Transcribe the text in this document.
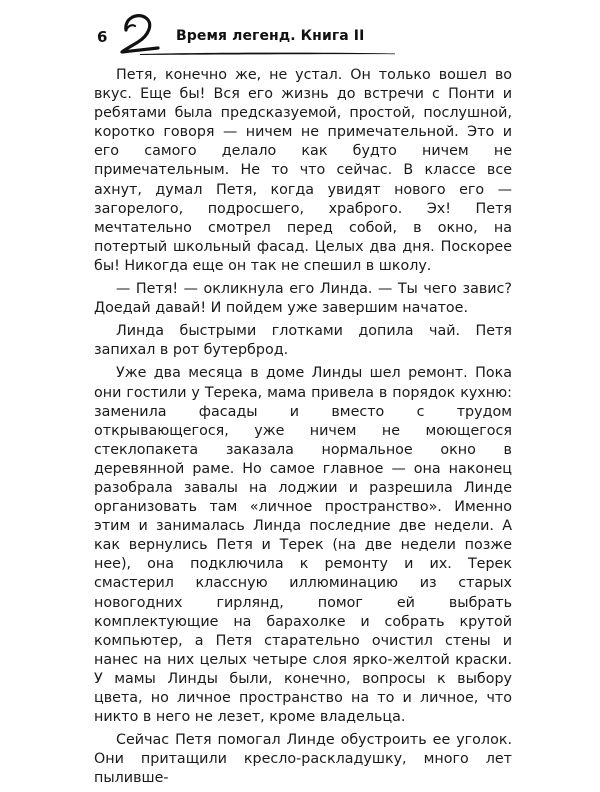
6	Время легенд. Книга II

Петя, конечно же, не устал. Он только вошел во вкус. Еще бы! Вся его жизнь до встречи с Понти и ребятами была предсказуемой, простой, послушной, коротко говоря — ничем не примечательной. Это и его самого делало как будто ничем не примечательным. Не то что сейчас. В классе все ахнут, думал Петя, когда увидят нового его — загорелого, подросшего, храброго. Эх! Петя мечтательно смотрел перед собой, в окно, на потертый школьный фасад. Целых два дня. Поскорее бы! Никогда еще он так не спешил в школу.

— Петя! — окликнула его Линда. — Ты чего завис? Доедай давай! И пойдем уже завершим начатое.

Линда быстрыми глотками допила чай. Петя запихал в рот бутерброд.

Уже два месяца в доме Линды шел ремонт. Пока они гостили у Терека, мама привела в порядок кухню: заменила фасады и вместо с трудом открывающегося, уже ничем не моющегося стеклопакета заказала нормальное окно в деревянной раме. Но самое главное — она наконец разобрала завалы на лоджии и разрешила Линде организовать там «личное пространство». Именно этим и занималась Линда последние две недели. А как вернулись Петя и Терек (на две недели позже нее), она подключила к ремонту и их. Терек смастерил классную иллюминацию из старых новогодних гирлянд, помог ей выбрать комплектующие на барахолке и собрать крутой компьютер, а Петя старательно очистил стены и нанес на них целых четыре слоя ярко-желтой краски. У мамы Линды были, конечно, вопросы к выбору цвета, но личное пространство на то и личное, что никто в него не лезет, кроме владельца.

Сейчас Петя помогал Линде обустроить ее уголок. Они притащили кресло-раскладушку, много лет пыливше-
